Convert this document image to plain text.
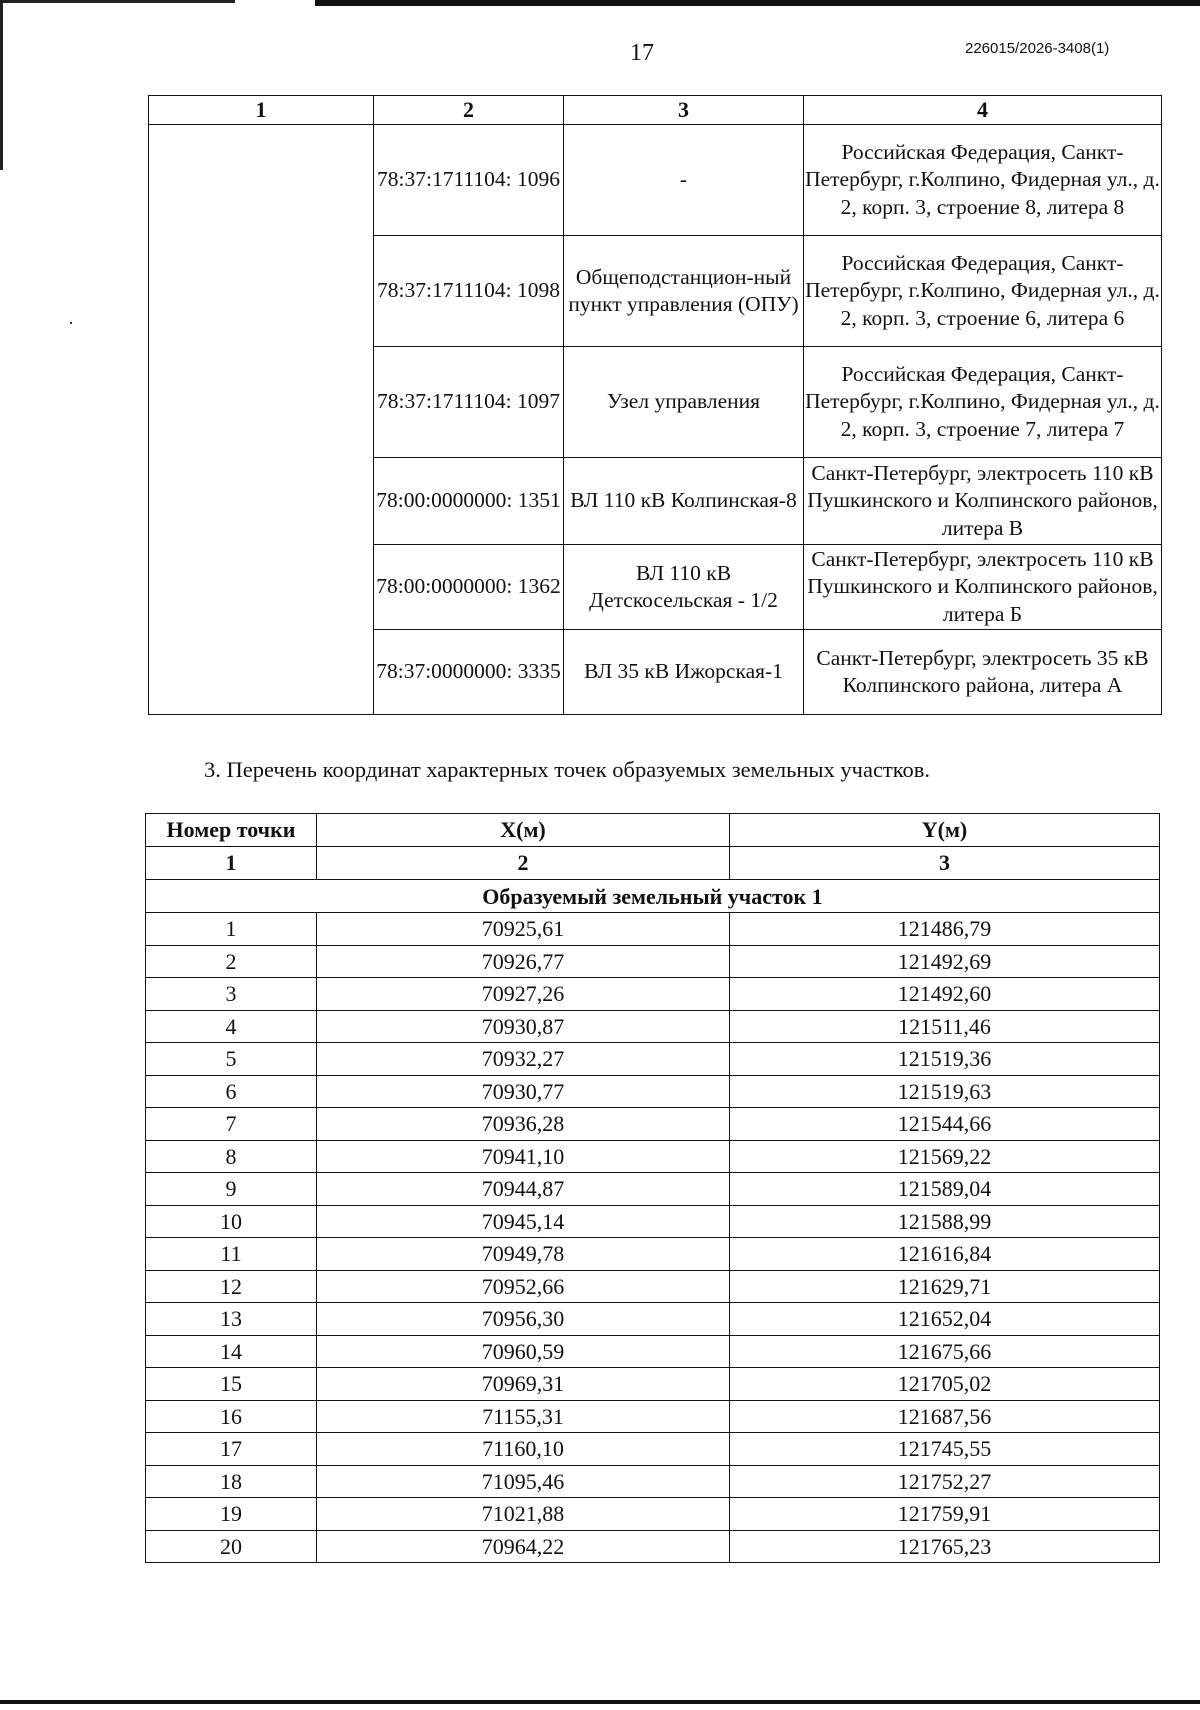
17	226015/2026-3408(1)
1	2	3	4
	78:37:1711104: 1096	-	Российская Федерация, Санкт-Петербург, г.Колпино, Фидерная ул., д. 2, корп. 3, строение 8, литера 8
	78:37:1711104: 1098	Общеподстанцион-ный пункт управления (ОПУ)	Российская Федерация, Санкт-Петербург, г.Колпино, Фидерная ул., д. 2, корп. 3, строение 6, литера 6
	78:37:1711104: 1097	Узел управления	Российская Федерация, Санкт-Петербург, г.Колпино, Фидерная ул., д. 2, корп. 3, строение 7, литера 7
	78:00:0000000: 1351	ВЛ 110 кВ Колпинская-8	Санкт-Петербург, электросеть 110 кВ Пушкинского и Колпинского районов, литера В
	78:00:0000000: 1362	ВЛ 110 кВ Детскосельская - 1/2	Санкт-Петербург, электросеть 110 кВ Пушкинского и Колпинского районов, литера Б
	78:37:0000000: 3335	ВЛ 35 кВ Ижорская-1	Санкт-Петербург, электросеть 35 кВ Колпинского района, литера А
3. Перечень координат характерных точек образуемых земельных участков.
Номер точки	X(м)	Y(м)
1	2	3
Образуемый земельный участок 1		
1	70925,61	121486,79
2	70926,77	121492,69
3	70927,26	121492,60
4	70930,87	121511,46
5	70932,27	121519,36
6	70930,77	121519,63
7	70936,28	121544,66
8	70941,10	121569,22
9	70944,87	121589,04
10	70945,14	121588,99
11	70949,78	121616,84
12	70952,66	121629,71
13	70956,30	121652,04
14	70960,59	121675,66
15	70969,31	121705,02
16	71155,31	121687,56
17	71160,10	121745,55
18	71095,46	121752,27
19	71021,88	121759,91
20	70964,22	121765,23
